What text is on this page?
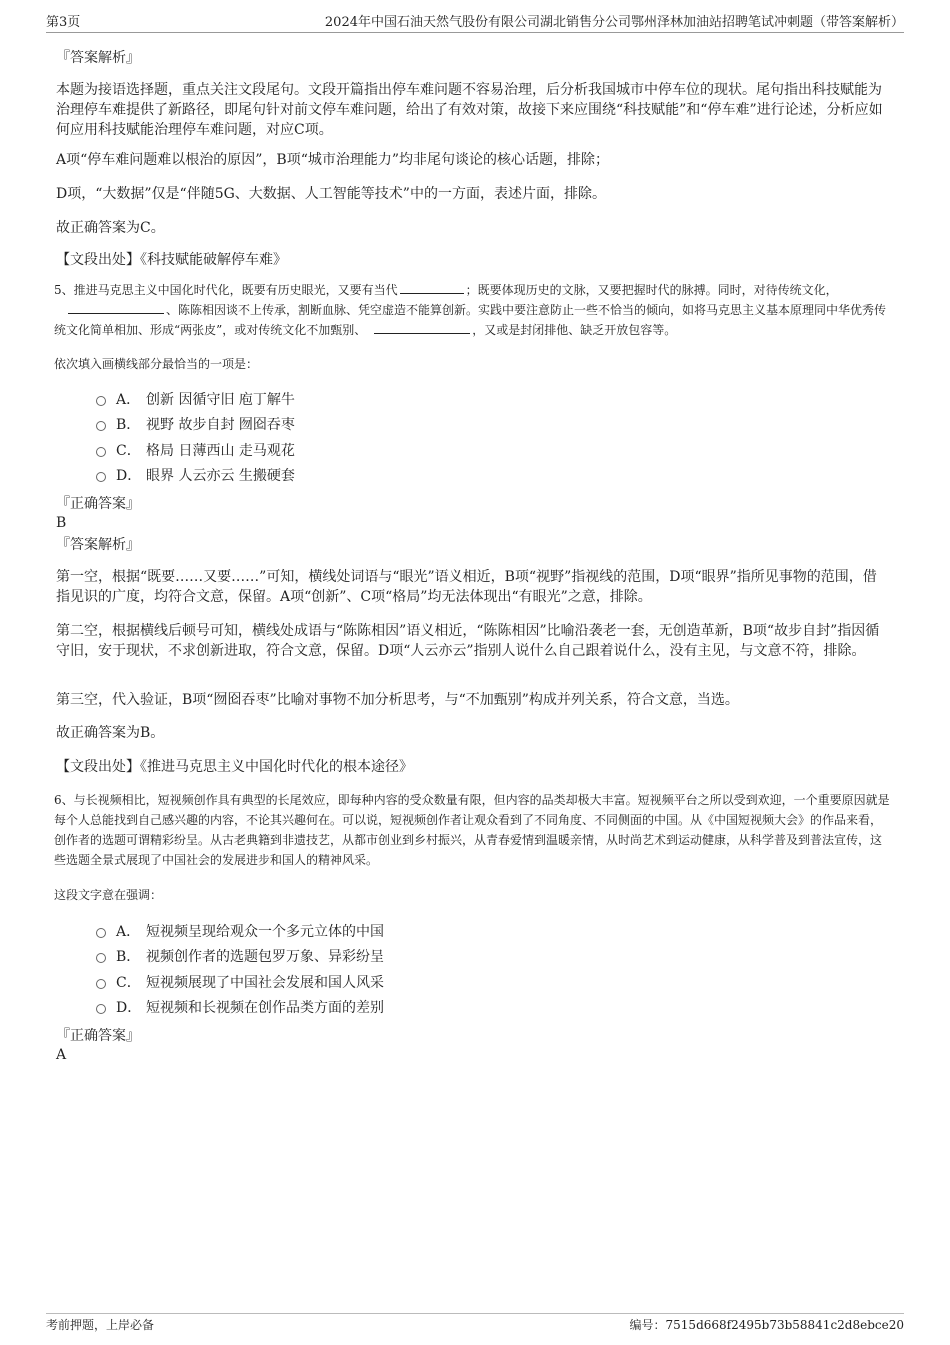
第3页	2024年中国石油天然气股份有限公司湖北销售分公司鄂州泽林加油站招聘笔试冲刺题（带答案解析）

『答案解析』

本题为接语选择题，重点关注文段尾句。文段开篇指出停车难问题不容易治理，后分析我国城市中停车位的现状。尾句指出科技赋能为治理停车难提供了新路径，即尾句针对前文停车难问题，给出了有效对策，故接下来应围绕“科技赋能”和“停车难”进行论述，分析应如何应用科技赋能治理停车难问题，对应C项。

A项“停车难问题难以根治的原因”，B项“城市治理能力”均非尾句谈论的核心话题，排除；

D项，“大数据”仅是“伴随5G、大数据、人工智能等技术”中的一方面，表述片面，排除。

故正确答案为C。

【文段出处】《科技赋能破解停车难》

5、推进马克思主义中国化时代化，既要有历史眼光，又要有当代	；既要体现历史的文脉，又要把握时代的脉搏。同时，对待传统文化，、陈陈相因谈不上传承，割断血脉、凭空虚造不能算创新。实践中要注意防止一些不恰当的倾向，如将马克思主义基本原理同中华优秀传统文化简单相加、形成“两张皮”，或对传统文化不加甄别、	，又或是封闭排他、缺乏开放包容等。

依次填入画横线部分最恰当的一项是：

A． 创新 因循守旧 庖丁解牛
B． 视野 故步自封 囫囵吞枣
C． 格局 日薄西山 走马观花
D． 眼界 人云亦云 生搬硬套

『正确答案』

B

『答案解析』

第一空，根据“既要……又要……”可知，横线处词语与“眼光”语义相近，B项“视野”指视线的范围，D项“眼界”指所见事物的范围，借指见识的广度，均符合文意，保留。A项“创新”、C项“格局”均无法体现出“有眼光”之意，排除。

第二空，根据横线后顿号可知，横线处成语与“陈陈相因”语义相近，“陈陈相因”比喻沿袭老一套，无创造革新，B项“故步自封”指因循守旧，安于现状，不求创新进取，符合文意，保留。D项“人云亦云”指别人说什么自己跟着说什么，没有主见，与文意不符，排除。

第三空，代入验证，B项“囫囵吞枣”比喻对事物不加分析思考，与“不加甄别”构成并列关系，符合文意，当选。

故正确答案为B。

【文段出处】《推进马克思主义中国化时代化的根本途径》

6、与长视频相比，短视频创作具有典型的长尾效应，即每种内容的受众数量有限，但内容的品类却极大丰富。短视频平台之所以受到欢迎，一个重要原因就是每个人总能找到自己感兴趣的内容，不论其兴趣何在。可以说，短视频创作者让观众看到了不同角度、不同侧面的中国。从《中国短视频大会》的作品来看，创作者的选题可谓精彩纷呈。从古老典籍到非遗技艺，从都市创业到乡村振兴，从青春爱情到温暖亲情，从时尚艺术到运动健康，从科学普及到普法宣传，这些选题全景式展现了中国社会的发展进步和国人的精神风采。

这段文字意在强调：

A． 短视频呈现给观众一个多元立体的中国
B． 视频创作者的选题包罗万象、异彩纷呈
C． 短视频展现了中国社会发展和国人风采
D． 短视频和长视频在创作品类方面的差别

『正确答案』

A

考前押题，上岸必备	编号：7515d668f2495b73b58841c2d8ebce20
